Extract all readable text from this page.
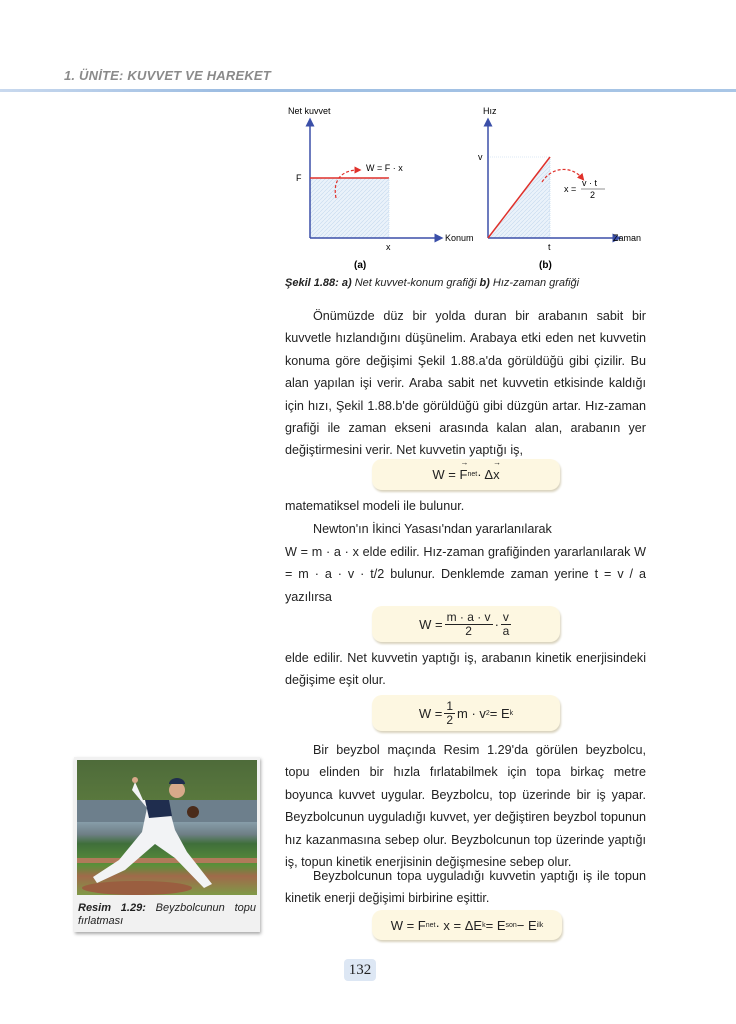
1. ÜNİTE: KUVVET VE HAREKET
Net kuvvet
Konum
F
x
W = F · x
(a)
Hız
Zaman
v
t
x =
v · t
2
(b)
Şekil 1.88: a) Net kuvvet-konum grafiği b) Hız-zaman grafiği
Önümüzde düz bir yolda duran bir arabanın sabit bir kuvvetle hızlandığını düşünelim. Arabaya etki eden net kuvvetin konuma göre değişimi Şekil 1.88.a'da görüldüğü gibi çizilir. Bu alan yapılan işi verir. Araba sabit net kuvvetin etkisinde kaldığı için hızı, Şekil 1.88.b'de görüldüğü gibi düzgün artar. Hız-zaman grafiği ile zaman ekseni arasında kalan alan, arabanın yer değiştirmesini verir. Net kuvvetin yaptığı iş,
W =
F
→
net · Δ x
→
matematiksel modeli ile bulunur.
Newton'ın İkinci Yasası'ndan yararlanılarak
W = m · a · x elde edilir. Hız-zaman grafiğinden yararlanılarak W = m · a · v · t/2 bulunur. Denklemde zaman yerine t = v / a yazılırsa
$W = \frac{m \cdot a \cdot v}{2} \cdot \frac{v}{a}$
elde edilir. Net kuvvetin yaptığı iş, arabanın kinetik enerjisindeki değişime eşit olur.
$W = \frac{1}{2}$ m · v 2 = E k
Bir beyzbol maçında Resim 1.29'da görülen beyzbolcu, topu elinden bir hızla fırlatabilmek için topa birkaç metre boyunca kuvvet uygular. Beyzbolcu, top üzerinde bir iş yapar. Beyzbolcunun uyguladığı kuvvet, yer değiştiren beyzbol topunun hız kazanmasına sebep olur. Beyzbolcunun top üzerinde yaptığı iş, topun kinetik enerjisinin değişmesine sebep olur.
Beyzbolcunun topa uyguladığı kuvvetin yaptığı iş ile topun kinetik enerji değişimi birbirine eşittir.
W = F net · x = ΔE k = E son − E ilk
Resim 1.29: Beyzbolcunun topu fırlatması
132
